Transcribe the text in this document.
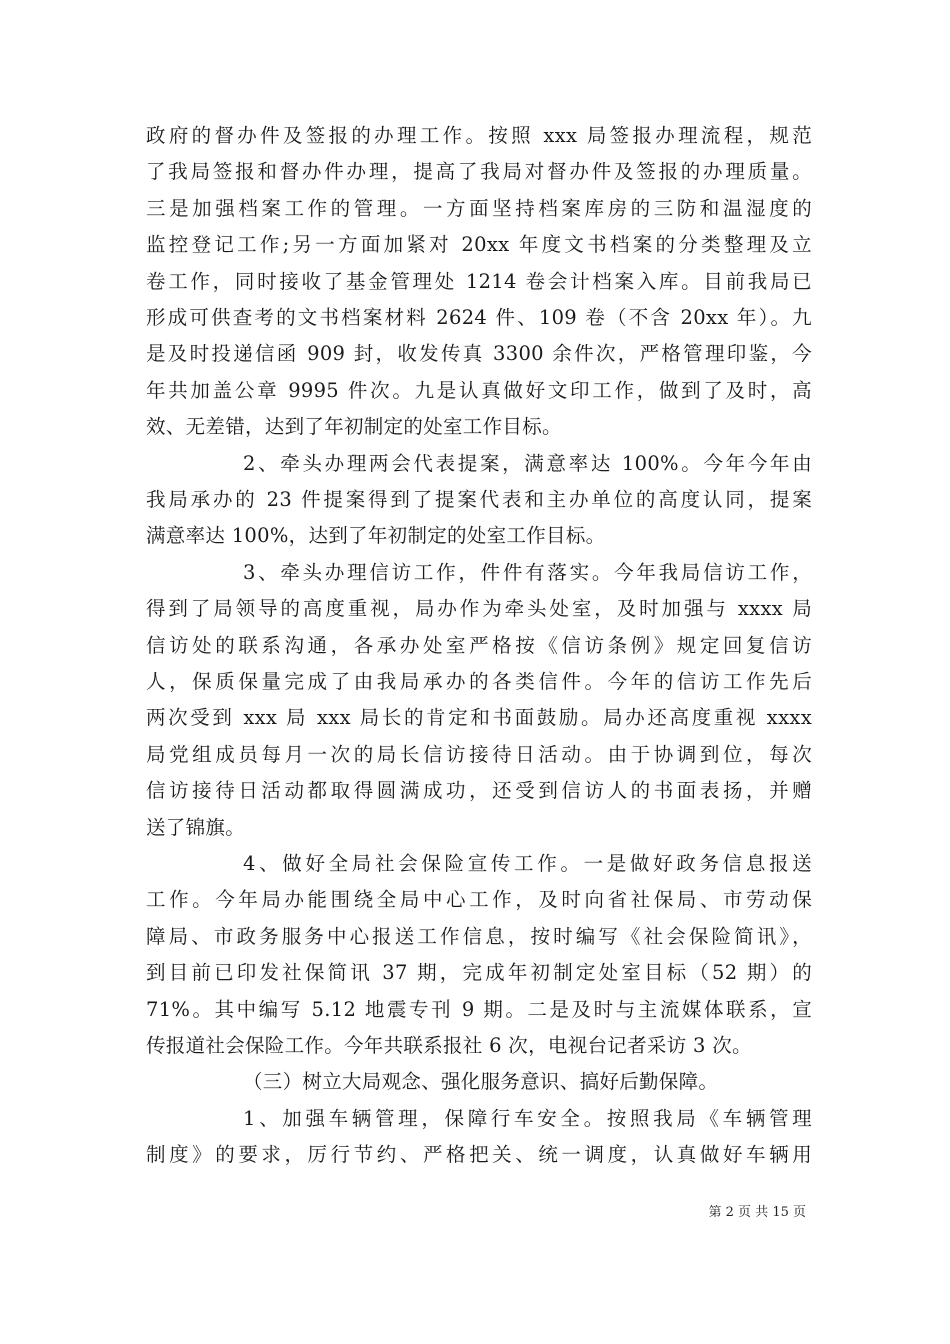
政府的督办件及签报的办理工作。按照 xxx 局签报办理流程，规范
了我局签报和督办件办理，提高了我局对督办件及签报的办理质量。
三是加强档案工作的管理。一方面坚持档案库房的三防和温湿度的
监控登记工作;另一方面加紧对 20xx 年度文书档案的分类整理及立
卷工作，同时接收了基金管理处 1214 卷会计档案入库。目前我局已
形成可供查考的文书档案材料 2624 件、109 卷（不含 20xx 年）。九
是及时投递信函 909 封，收发传真 3300 余件次，严格管理印鉴，今
年共加盖公章 9995 件次。九是认真做好文印工作，做到了及时，高
效、无差错，达到了年初制定的处室工作目标。
2、牵头办理两会代表提案，满意率达 100%。今年今年由
我局承办的 23 件提案得到了提案代表和主办单位的高度认同，提案
满意率达 100%，达到了年初制定的处室工作目标。
3、牵头办理信访工作，件件有落实。今年我局信访工作，
得到了局领导的高度重视，局办作为牵头处室，及时加强与 xxxx 局
信访处的联系沟通，各承办处室严格按《信访条例》规定回复信访
人，保质保量完成了由我局承办的各类信件。今年的信访工作先后
两次受到 xxx 局 xxx 局长的肯定和书面鼓励。局办还高度重视 xxxx
局党组成员每月一次的局长信访接待日活动。由于协调到位，每次
信访接待日活动都取得圆满成功，还受到信访人的书面表扬，并赠
送了锦旗。
4、做好全局社会保险宣传工作。一是做好政务信息报送
工作。今年局办能围绕全局中心工作，及时向省社保局、市劳动保
障局、市政务服务中心报送工作信息，按时编写《社会保险简讯》，
到目前已印发社保简讯 37 期，完成年初制定处室目标（52 期）的
71%。其中编写 5.12 地震专刊 9 期。二是及时与主流媒体联系，宣
传报道社会保险工作。今年共联系报社 6 次，电视台记者采访 3 次。
（三）树立大局观念、强化服务意识、搞好后勤保障。
1、加强车辆管理，保障行车安全。按照我局《车辆管理
制度》的要求，厉行节约、严格把关、统一调度，认真做好车辆用
第 2 页 共 15 页
